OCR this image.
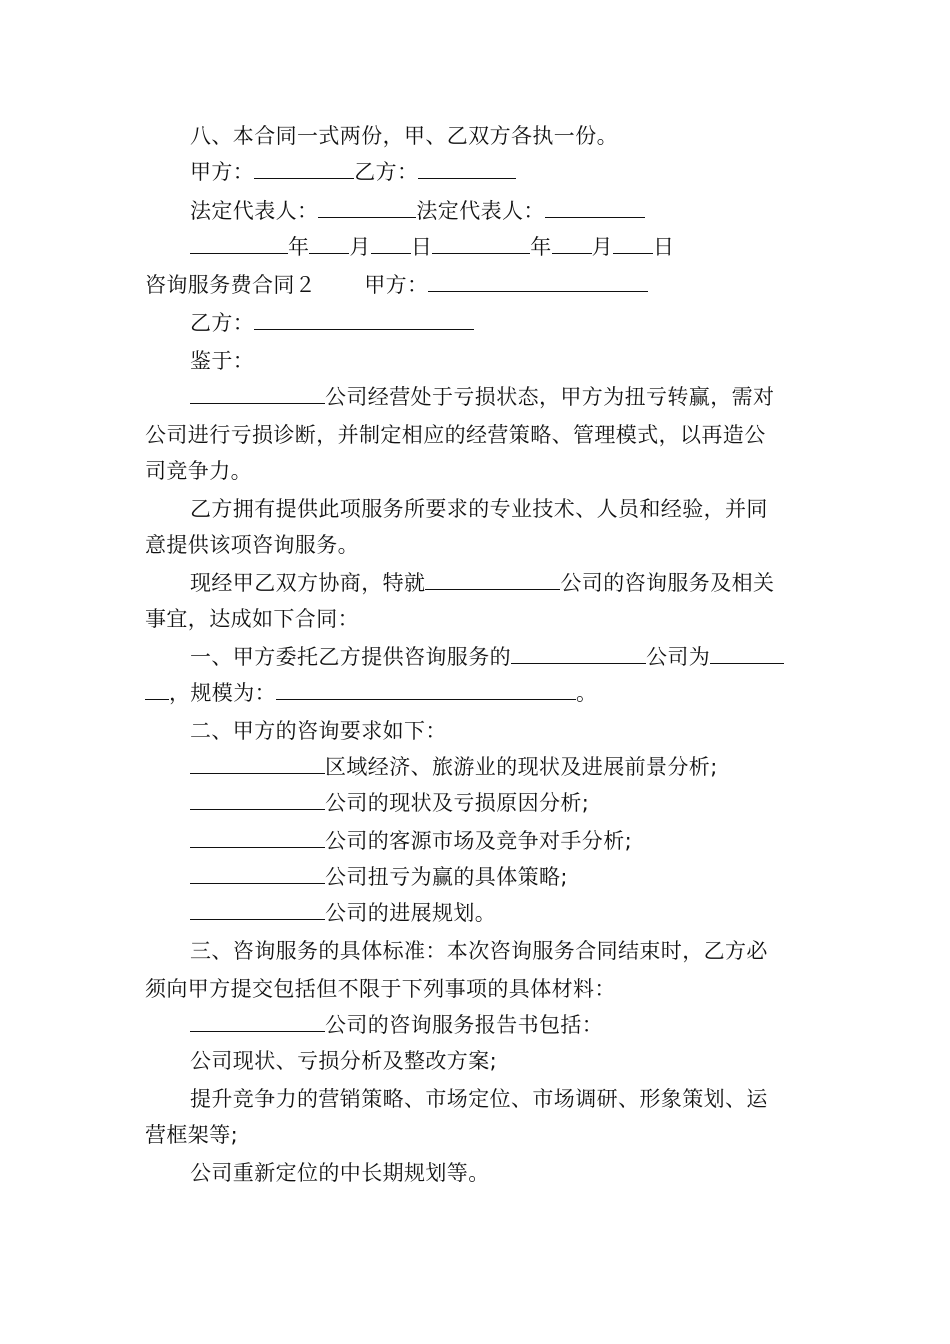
八、本合同一式两份，甲、乙双方各执一份。
甲方：	乙方：
法定代表人：	法定代表人：
年 月 日	年 月 日
咨询服务费合同２ 甲方：
乙方：
鉴于：
公司经营处于亏损状态，甲方为扭亏转赢，需对
公司进行亏损诊断，并制定相应的经营策略、管理模式，以再造公
司竞争力。
乙方拥有提供此项服务所要求的专业技术、人员和经验，并同
意提供该项咨询服务。
现经甲乙双方协商，特就	公司的咨询服务及相关
事宜，达成如下合同：
一、甲方委托乙方提供咨询服务的	公司为
，规模为：	。
二、甲方的咨询要求如下：
区域经济、旅游业的现状及进展前景分析;
公司的现状及亏损原因分析;
公司的客源市场及竞争对手分析;
公司扭亏为赢的具体策略;
公司的进展规划。
三、咨询服务的具体标准：本次咨询服务合同结束时，乙方必
须向甲方提交包括但不限于下列事项的具体材料：
公司的咨询服务报告书包括：
公司现状、亏损分析及整改方案;
提升竞争力的营销策略、市场定位、市场调研、形象策划、运
营框架等;
公司重新定位的中长期规划等。
